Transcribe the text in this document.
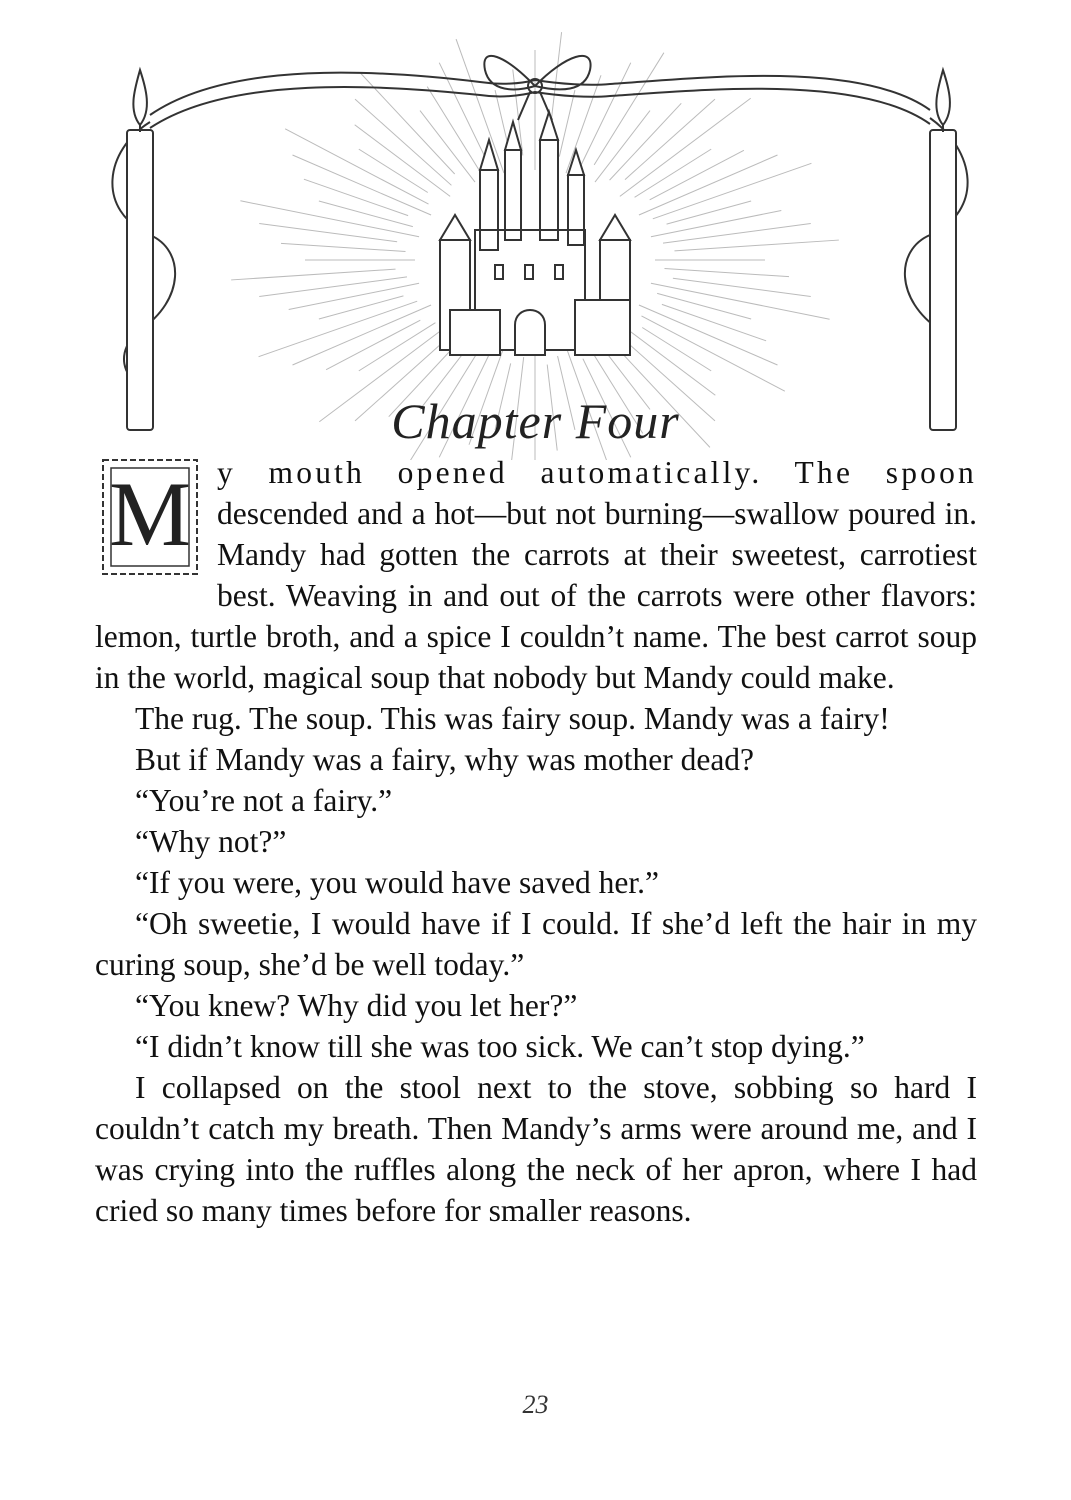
Chapter Four

M y mouth opened automatically. The spoon descended and a hot—but not burning—swallow poured in. Mandy had gotten the carrots at their sweetest, carrotiest best. Weaving in and out of the carrots were other flavors: lemon, turtle broth, and a spice I couldn’t name. The best carrot soup in the world, magical soup that nobody but Mandy could make.

The rug. The soup. This was fairy soup. Mandy was a fairy!

But if Mandy was a fairy, why was mother dead?

“You’re not a fairy.”

“Why not?”

“If you were, you would have saved her.”

“Oh sweetie, I would have if I could. If she’d left the hair in my curing soup, she’d be well today.”

“You knew? Why did you let her?”

“I didn’t know till she was too sick. We can’t stop dying.”

I collapsed on the stool next to the stove, sobbing so hard I couldn’t catch my breath. Then Mandy’s arms were around me, and I was crying into the ruffles along the neck of her apron, where I had cried so many times before for smaller reasons.

23
